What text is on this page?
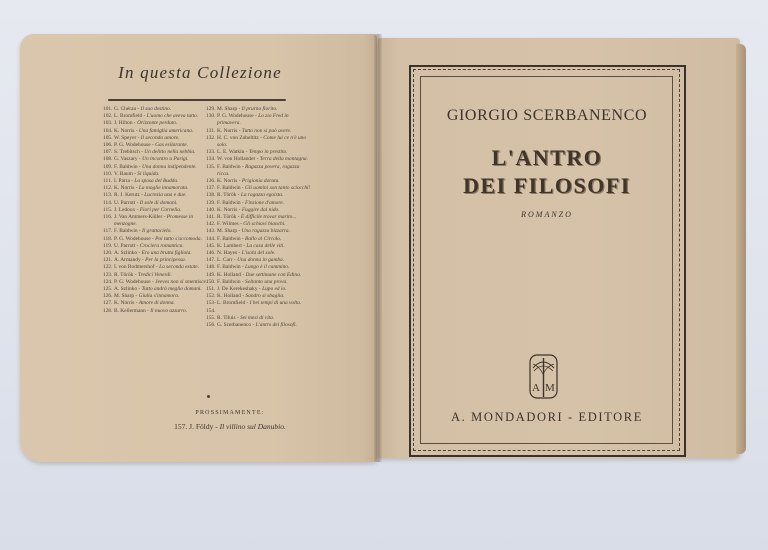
In questa Collezione
101. G. Chérau - Il suo destino.
102. L. Bromfield - L'uomo che aveva tutto.
103. J. Hilton - Orizzonte perduto.
104. K. Norris - Una famiglia americana.
105. W. Speyer - Il secondo amore.
106. P. G. Wodehouse - Gas esilarante.
107. S. Trebitsch - Un delitto nella nebbia.
108. G. Vaszary - Un incontro a Parigi.
109. F. Baldwin - Una donna indipendente.
110. V. Baum - Si liquida.
111. I. Parra - La sposa del Budda.
112. K. Norris - La moglie innamorata.
113. R. J. Kerutz - Lucrezia una e due.
114. U. Parrott - Il sole di domani.
115. J. Ledoux - Fiori per Cornelia.
116. J. Van Ammers-Küller - Promesse in menzogne.
117. F. Baldwin - Il grattacielo.
118. P. G. Wodehouse - Poi tutto s'accomoda.
119. U. Parrott - Crociera romantica.
120. A. Szlinko - Ero una brutta figliola.
121. A. Armandy - Per la principessa.
122. I. von Bodmershof - La seconda estate.
123. R. Török - Tredici Venerdì.
124. P. G. Wodehouse - Jeeves non si smentisce.
125. A. Szlinko - Tutto andrà meglio domani.
126. M. Sharp - Giulia s'innamora.
127. K. Norris - Amore di donna.
128. B. Kellermann - Il nuovo azzurro.
129. M. Sharp - Il prurno fiorito.
130. P. G. Wodehouse - Lo zio Fred in primavera.
131. K. Norris - Tutto non si può avere.
132. H. C. von Zobeltitz - Come lui ce n'è uno solo.
133. L. E. Watkin - Tempo in prestito.
134. W. von Hollander - Terra della montagna.
135. F. Baldwin - Ragazza povera, ragazza ricca.
136. K. Norris - Prigionia dorata.
137. F. Baldwin - Gli uomini son tanto sciocchi!
138. R. Török - La ragazza egoista.
139. F. Baldwin - Finzione d'amore.
140. K. Norris - Fuggire dal nido.
141. R. Török - È difficile trovar marito...
142. F. Wilmes - Gli schiavi bianchi.
143. M. Sharp - Una ragazza bizzarra.
144. F. Baldwin - Ballo al Circolo.
145. K. Lambert - La casa delle viti.
146. N. Hayes - L'isola del sole.
147. L. Carr - Una donna in gamba.
148. F. Baldwin - Lungo è il cammino.
149. K. Holland - Due settimane con Edina.
150. F. Baldwin - Soltanto una prova.
151. J. De Kerekeshaky - Lupo ed io.
152. K. Holland - Sandro si sbaglia.
153-154.
L. Bromfield - I bei tempi di una volta.
155. R. Tiluis - Sei mesi di vita.
156. G. Scerbanenco - L'antro dei filosofi.
PROSSIMAMENTE:
157. J. Földy - Il villino sul Danubio.
GIORGIO SCERBANENCO
L'ANTRO
DEI FILOSOFI
ROMANZO
A M
A. MONDADORI - EDITORE
